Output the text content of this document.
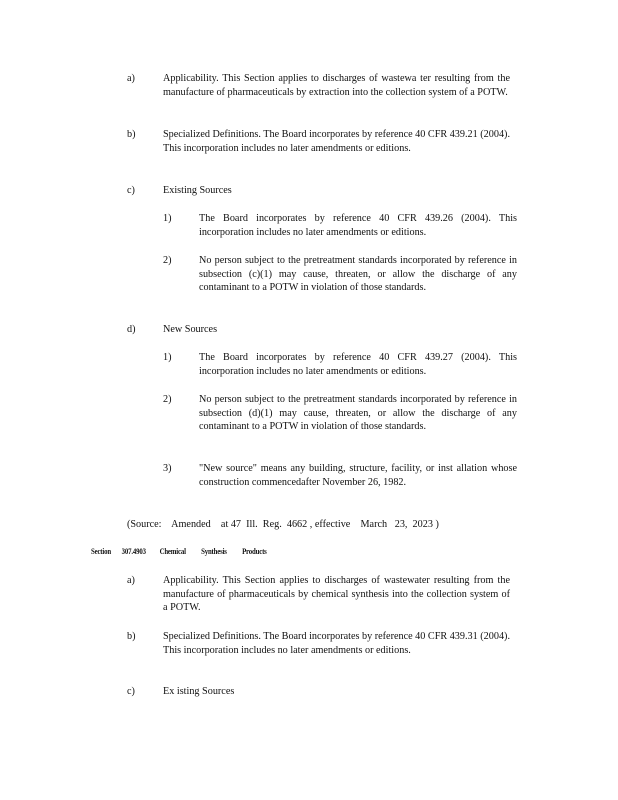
a)	Applicability. This Section applies to discharges of wastewa ter resulting from the manufacture of pharmaceuticals by extraction into the collection system of a POTW.
b)	Specialized Definitions. The Board incorporates by reference 40 CFR 439.21 (2004). This incorporation includes no later amendments or editions.
c)	Existing Sources
1)	The Board incorporates by reference 40 CFR 439.26 (2004). This incorporation includes no later amendments or editions.
2)	No person subject to the pretreatment standards incorporated by reference in subsection (c)(1) may cause, threaten, or allow the discharge of any contaminant to a POTW in violation of those standards.
d)	New Sources
1)	The Board incorporates by reference 40 CFR 439.27 (2004). This incorporation includes no later amendments or editions.
2)	No person subject to the pretreatment standards incorporated by reference in subsection (d)(1) may cause, threaten, or allow the discharge of any contaminant to a POTW in violation of those standards.
3)	"New source" means any building, structure, facility, or inst allation whose construction commencedafter November 26, 1982.
(Source:    Amended    at 47  Ill.  Reg.  4662 , effective    March   23,  2023 )
Section       307.4903         Chemical          Synthesis          Products
a)	Applicability. This Section applies to discharges of wastewater resulting from the manufacture of pharmaceuticals by chemical synthesis into the collection system of a POTW.
b)	Specialized Definitions. The Board incorporates by reference 40 CFR 439.31 (2004). This incorporation includes no later amendments or editions.
c)	Ex isting Sources
